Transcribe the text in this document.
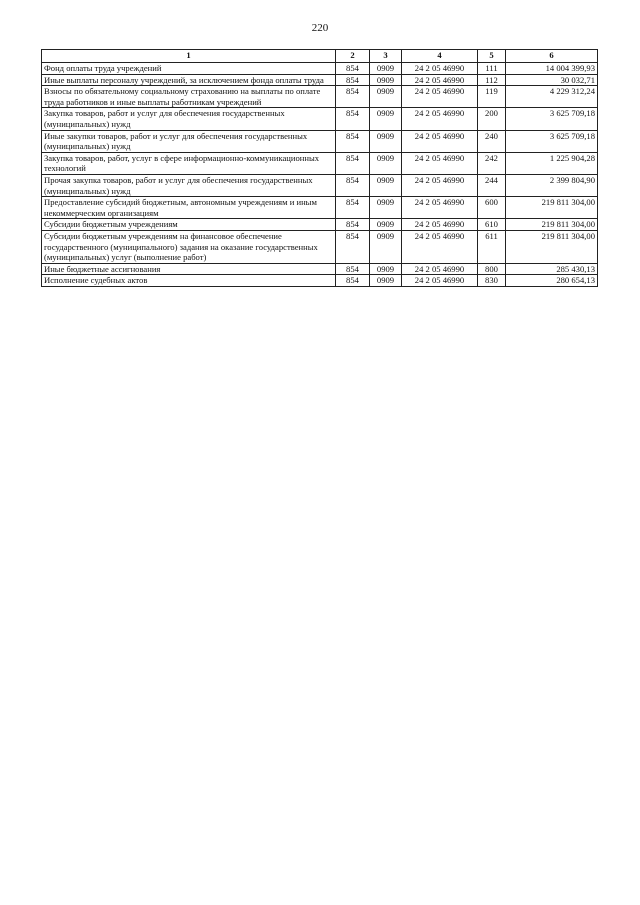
220
1	2	3	4	5	6
Фонд оплаты труда учреждений	854	0909	24 2 05 46990	111	14 004 399,93
Иные выплаты персоналу учреждений, за исключением фонда оплаты труда	854	0909	24 2 05 46990	112	30 032,71
Взносы по обязательному социальному страхованию на выплаты по оплате труда работников и иные выплаты работникам учреждений	854	0909	24 2 05 46990	119	4 229 312,24
Закупка товаров, работ и услуг для обеспечения государственных (муниципальных) нужд	854	0909	24 2 05 46990	200	3 625 709,18
Иные закупки товаров, работ и услуг для обеспечения государственных (муниципальных) нужд	854	0909	24 2 05 46990	240	3 625 709,18
Закупка товаров, работ, услуг в сфере информационно-коммуникационных технологий	854	0909	24 2 05 46990	242	1 225 904,28
Прочая закупка товаров, работ и услуг для обеспечения государственных (муниципальных) нужд	854	0909	24 2 05 46990	244	2 399 804,90
Предоставление субсидий бюджетным, автономным учреждениям и иным некоммерческим организациям	854	0909	24 2 05 46990	600	219 811 304,00
Субсидии бюджетным учреждениям	854	0909	24 2 05 46990	610	219 811 304,00
Субсидии бюджетным учреждениям на финансовое обеспечение государственного (муниципального) задания на оказание государственных (муниципальных) услуг (выполнение работ)	854	0909	24 2 05 46990	611	219 811 304,00
Иные бюджетные ассигнования	854	0909	24 2 05 46990	800	285 430,13
Исполнение судебных актов	854	0909	24 2 05 46990	830	280 654,13
